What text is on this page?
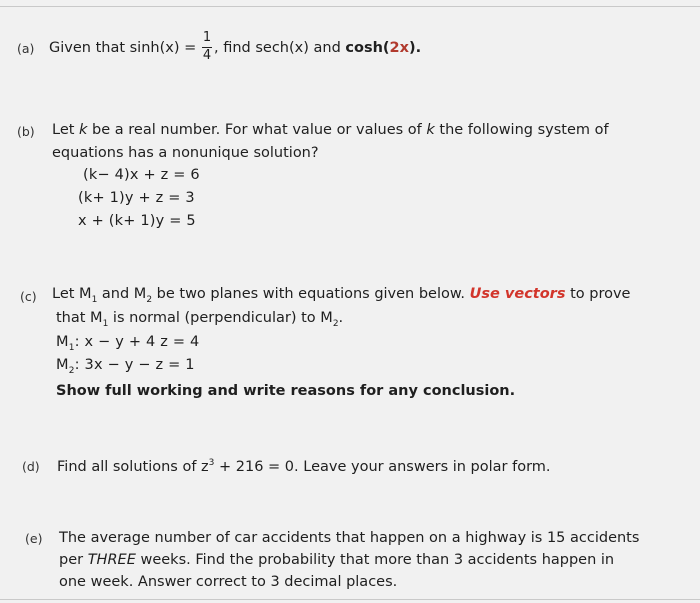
(a) Given that sinh(x) =
1
4 , find sech(x) and cosh(2x).
(b) Let k be a real number. For what value or values of k the following system of
equations has a nonunique solution?
(k− 4)x + z = 6
(k+ 1)y + z = 3
x + (k+ 1)y = 5
(c) Let $M_1$ and $M_2$ be two planes with equations given below. Use vectors to prove
that $M_1$ is normal (perpendicular) to $M_2$.
$M_1$: x − y + 4 z = 4
$M_2$: 3x − y − z = 1
Show full working and write reasons for any conclusion.
(d) Find all solutions of $z^3 + 216 = 0$. Leave your answers in polar form.
(e) The average number of car accidents that happen on a highway is 15 accidents
per THREE weeks. Find the probability that more than 3 accidents happen in
one week. Answer correct to 3 decimal places.
